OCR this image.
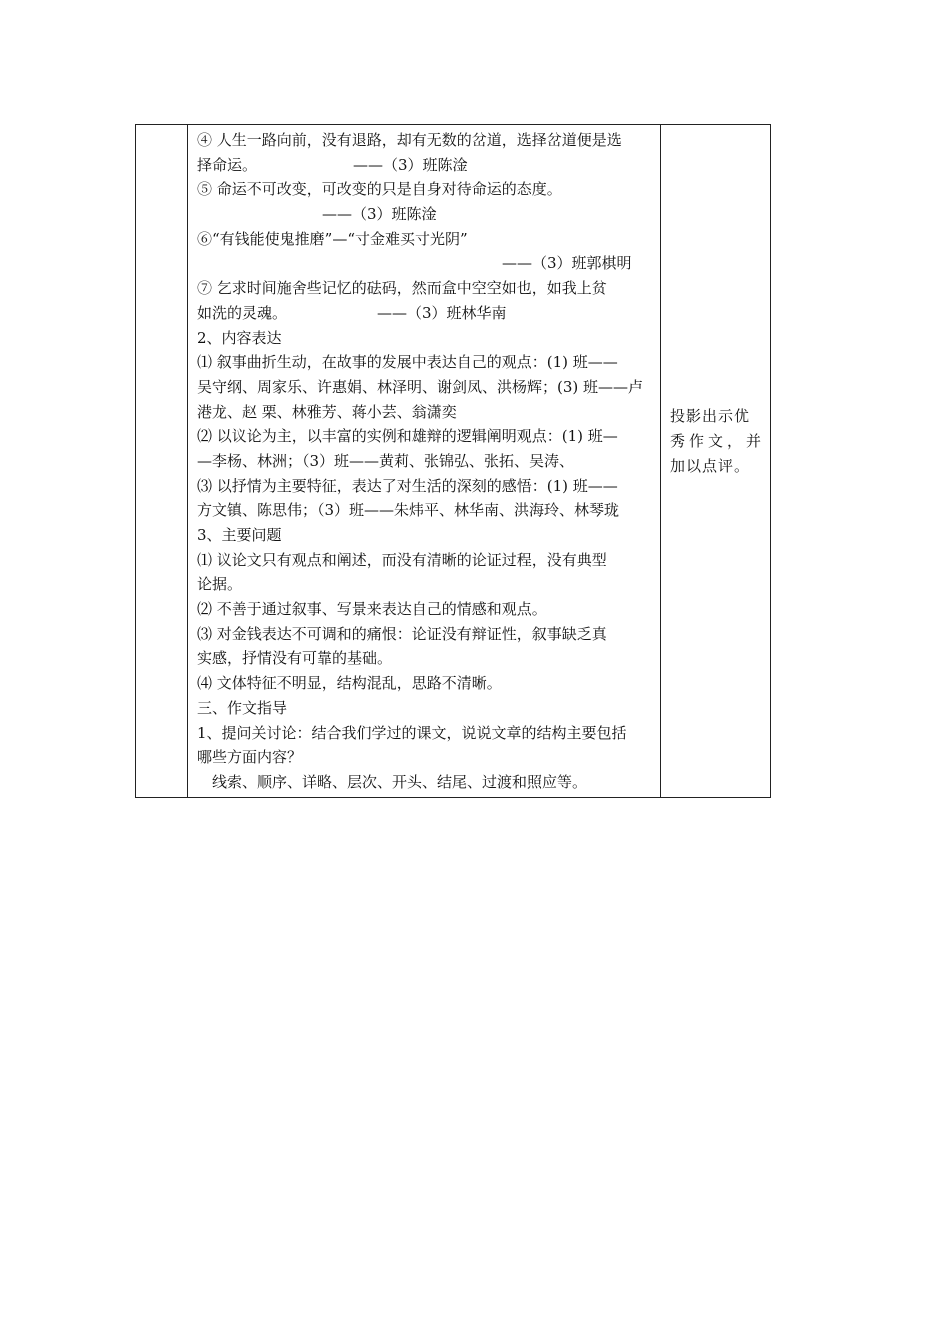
④ 人生一路向前，没有退路，却有无数的岔道，选择岔道便是选
择命运。	——（3）班陈淦
⑤ 命运不可改变，可改变的只是自身对待命运的态度。
——（3）班陈淦
⑥“有钱能使鬼推磨”—“寸金难买寸光阴”
——（3）班郭棋明
⑦ 乞求时间施舍些记忆的砝码，然而盒中空空如也，如我上贫
如洗的灵魂。	——（3）班林华南
2、内容表达
⑴ 叙事曲折生动，在故事的发展中表达自己的观点：(1) 班——
吴守纲、周家乐、许惠娟、林泽明、谢剑凤、洪杨辉；(3) 班——卢
港龙、赵 栗、林雅芳、蒋小芸、翁潇奕
⑵ 以议论为主，以丰富的实例和雄辩的逻辑阐明观点：(1) 班—
—李杨、林洲；（3）班——黄莉、张锦弘、张拓、吴涛、
⑶ 以抒情为主要特征，表达了对生活的深刻的感悟：(1) 班——
方文镇、陈思伟；（3）班——朱炜平、林华南、洪海玲、林琴珑
3、主要问题
⑴ 议论文只有观点和阐述，而没有清晰的论证过程，没有典型
论据。
⑵ 不善于通过叙事、写景来表达自己的情感和观点。
⑶ 对金钱表达不可调和的痛恨：论证没有辩证性，叙事缺乏真
实感，抒情没有可靠的基础。
⑷ 文体特征不明显，结构混乱，思路不清晰。
三、作文指导
1、提问关讨论：结合我们学过的课文，说说文章的结构主要包括
哪些方面内容？
线索、顺序、详略、层次、开头、结尾、过渡和照应等。

投影出示优
秀作文，并
加以点评。
